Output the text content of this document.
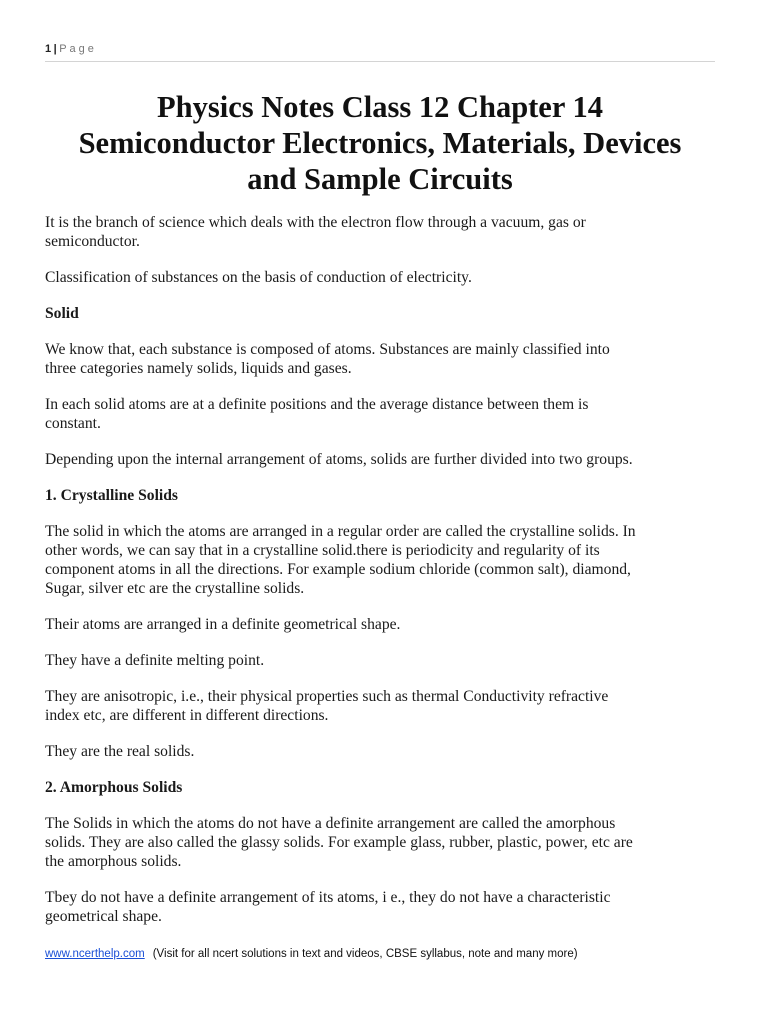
1 | Page
Physics Notes Class 12 Chapter 14
Semiconductor Electronics, Materials, Devices
and Sample Circuits

It is the branch of science which deals with the electron flow through a vacuum, gas or
semiconductor.

Classification of substances on the basis of conduction of electricity.

Solid

We know that, each substance is composed of atoms. Substances are mainly classified into
three categories namely solids, liquids and gases.

In each solid atoms are at a definite positions and the average distance between them is
constant.

Depending upon the internal arrangement of atoms, solids are further divided into two groups.

1. Crystalline Solids

The solid in which the atoms are arranged in a regular order are called the crystalline solids. In
other words, we can say that in a crystalline solid.there is periodicity and regularity of its
component atoms in all the directions. For example sodium chloride (common salt), diamond,
Sugar, silver etc are the crystalline solids.

Their atoms are arranged in a definite geometrical shape.

They have a definite melting point.

They are anisotropic, i.e., their physical properties such as thermal Conductivity refractive
index etc, are different in different directions.

They are the real solids.

2. Amorphous Solids

The Solids in which the atoms do not have a definite arrangement are called the amorphous
solids. They are also called the glassy solids. For example glass, rubber, plastic, power, etc are
the amorphous solids.

Tbey do not have a definite arrangement of its atoms, i e., they do not have a characteristic
geometrical shape.

www.ncerthelp.com (Visit for all ncert solutions in text and videos, CBSE syllabus, note and many more)
